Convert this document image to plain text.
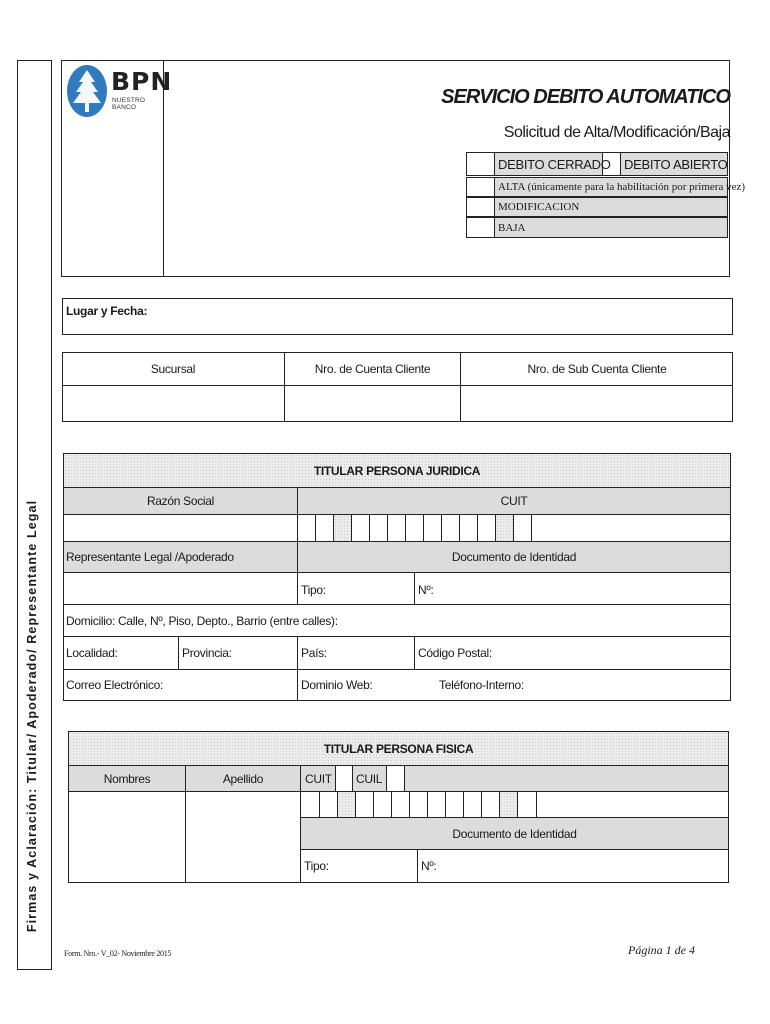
Firmas y Aclaración: Titular/ Apoderado/ Representante Legal
BPN
NUESTRO BANCO	SERVICIO DEBITO AUTOMATICO
Solicitud de Alta/Modificación/Baja
DEBITO CERRADO	DEBITO ABIERTO
ALTA (únicamente para la habilitación por primera vez)
MODIFICACION
BAJA
Lugar y Fecha:
Sucursal	Nro. de Cuenta Cliente	Nro. de Sub Cuenta Cliente
TITULAR PERSONA JURIDICA
Razón Social	CUIT
Representante Legal /Apoderado	Documento de Identidad
Tipo:	Nº:
Domicilio: Calle, Nº, Piso, Depto., Barrio (entre calles):
Localidad:	Provincia:	País:	Código Postal:
Correo Electrónico:	Dominio Web:	Teléfono-Interno:
TITULAR PERSONA FISICA
Nombres	Apellido	CUIT CUIL
Documento de Identidad
Tipo:	Nº:
Form. Nro.- V_02- Noviembre 2015	Página 1 de 4
